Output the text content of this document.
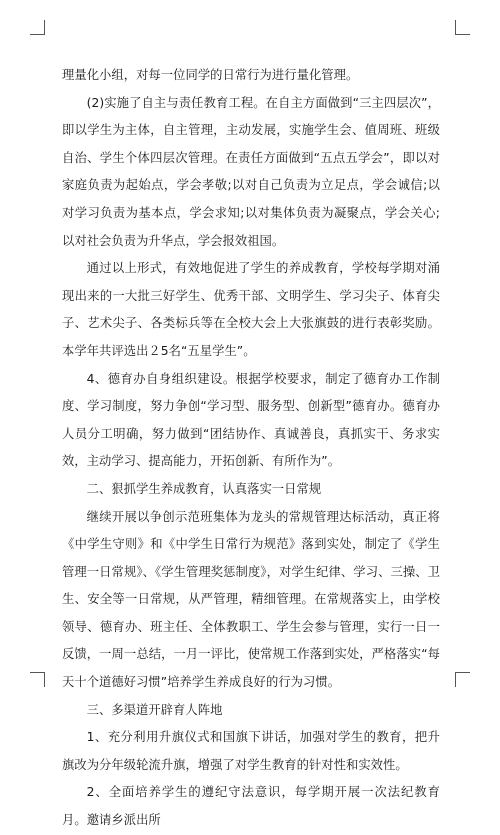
理量化小组，对每一位同学的日常行为进行量化管理。

(2)实施了自主与责任教育工程。在自主方面做到“三主四层次”，即以学生为主体，自主管理，主动发展，实施学生会、值周班、班级自治、学生个体四层次管理。在责任方面做到“五点五学会”，即以对家庭负责为起始点，学会孝敬;以对自己负责为立足点，学会诚信;以对学习负责为基本点，学会求知;以对集体负责为凝聚点，学会关心;以对社会负责为升华点，学会报效祖国。

通过以上形式，有效地促进了学生的养成教育，学校每学期对涌现出来的一大批三好学生、优秀干部、文明学生、学习尖子、体育尖子、艺术尖子、各类标兵等在全校大会上大张旗鼓的进行表彰奖励。本学年共评选出２5名“五星学生”。

4、德育办自身组织建设。根据学校要求，制定了德育办工作制度、学习制度，努力争创“学习型、服务型、创新型”德育办。德育办人员分工明确，努力做到“团结协作、真诚善良，真抓实干、务求实效，主动学习、提高能力，开拓创新、有所作为”。

二、狠抓学生养成教育，认真落实一日常规

继续开展以争创示范班集体为龙头的常规管理达标活动，真正将《中学生守则》和《中学生日常行为规范》落到实处，制定了《学生管理一日常规》、《学生管理奖惩制度》，对学生纪律、学习、三操、卫生、安全等一日常规，从严管理，精细管理。在常规落实上，由学校领导、德育办、班主任、全体教职工、学生会参与管理，实行一日一反馈，一周一总结，一月一评比，使常规工作落到实处，严格落实“每天十个道德好习惯”培养学生养成良好的行为习惯。

三、多渠道开辟育人阵地

1、充分利用升旗仪式和国旗下讲话，加强对学生的教育，把升旗改为分年级轮流升旗，增强了对学生教育的针对性和实效性。

2、全面培养学生的遵纪守法意识，每学期开展一次法纪教育月。邀请乡派出所
